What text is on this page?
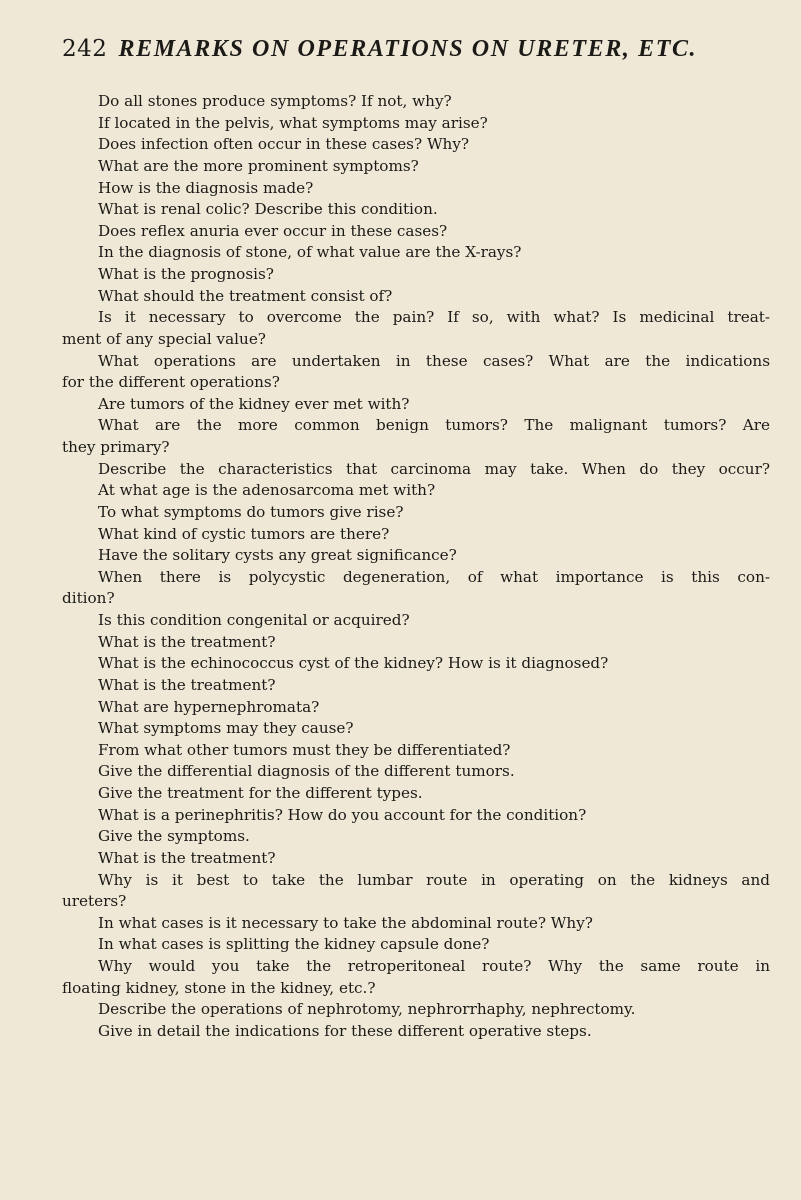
242 REMARKS ON OPERATIONS ON URETER, ETC.
Do all stones produce symptoms? If not, why?
If located in the pelvis, what symptoms may arise?
Does infection often occur in these cases? Why?
What are the more prominent symptoms?
How is the diagnosis made?
What is renal colic? Describe this condition.
Does reflex anuria ever occur in these cases?
In the diagnosis of stone, of what value are the X-rays?
What is the prognosis?
What should the treatment consist of?
Is it necessary to overcome the pain? If so, with what? Is medicinal treat-
ment of any special value?
What operations are undertaken in these cases? What are the indications
for the different operations?
Are tumors of the kidney ever met with?
What are the more common benign tumors? The malignant tumors? Are
they primary?
Describe the characteristics that carcinoma may take. When do they occur?
At what age is the adenosarcoma met with?
To what symptoms do tumors give rise?
What kind of cystic tumors are there?
Have the solitary cysts any great significance?
When there is polycystic degeneration, of what importance is this con-
dition?
Is this condition congenital or acquired?
What is the treatment?
What is the echinococcus cyst of the kidney? How is it diagnosed?
What is the treatment?
What are hypernephromata?
What symptoms may they cause?
From what other tumors must they be differentiated?
Give the differential diagnosis of the different tumors.
Give the treatment for the different types.
What is a perinephritis? How do you account for the condition?
Give the symptoms.
What is the treatment?
Why is it best to take the lumbar route in operating on the kidneys and
ureters?
In what cases is it necessary to take the abdominal route? Why?
In what cases is splitting the kidney capsule done?
Why would you take the retroperitoneal route? Why the same route in
floating kidney, stone in the kidney, etc.?
Describe the operations of nephrotomy, nephrorrhaphy, nephrectomy.
Give in detail the indications for these different operative steps.
